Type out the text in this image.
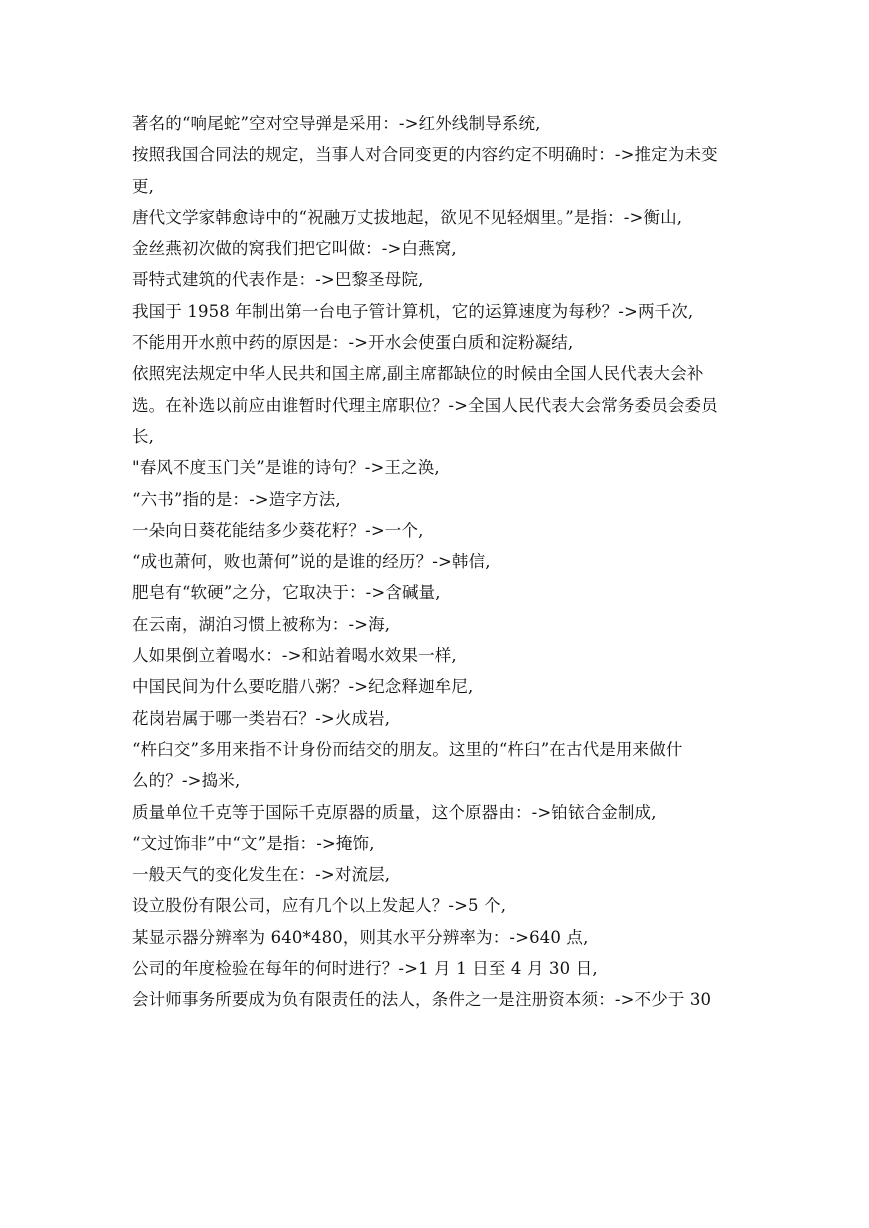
著名的“响尾蛇”空对空导弹是采用：->红外线制导系统,
按照我国合同法的规定，当事人对合同变更的内容约定不明确时：->推定为未变
更,
唐代文学家韩愈诗中的“祝融万丈拔地起，欲见不见轻烟里。”是指：->衡山,
金丝燕初次做的窝我们把它叫做：->白燕窝,
哥特式建筑的代表作是：->巴黎圣母院,
我国于 1958 年制出第一台电子管计算机，它的运算速度为每秒？->两千次,
不能用开水煎中药的原因是：->开水会使蛋白质和淀粉凝结,
依照宪法规定中华人民共和国主席,副主席都缺位的时候由全国人民代表大会补
选。在补选以前应由谁暂时代理主席职位？->全国人民代表大会常务委员会委员
长,
"春风不度玉门关”是谁的诗句？->王之涣,
“六书”指的是：->造字方法,
一朵向日葵花能结多少葵花籽？->一个,
“成也萧何，败也萧何”说的是谁的经历？->韩信,
肥皂有“软硬”之分，它取决于：->含碱量,
在云南，湖泊习惯上被称为：->海,
人如果倒立着喝水：->和站着喝水效果一样,
中国民间为什么要吃腊八粥？->纪念释迦牟尼,
花岗岩属于哪一类岩石？->火成岩,
“杵臼交”多用来指不计身份而结交的朋友。这里的“杵臼”在古代是用来做什
么的？->捣米,
质量单位千克等于国际千克原器的质量，这个原器由：->铂铱合金制成,
“文过饰非”中“文”是指：->掩饰,
一般天气的变化发生在：->对流层,
设立股份有限公司，应有几个以上发起人？->5 个,
某显示器分辨率为 640*480，则其水平分辨率为：->640 点,
公司的年度检验在每年的何时进行？->1 月 1 日至 4 月 30 日,
会计师事务所要成为负有限责任的法人，条件之一是注册资本须：->不少于 30
